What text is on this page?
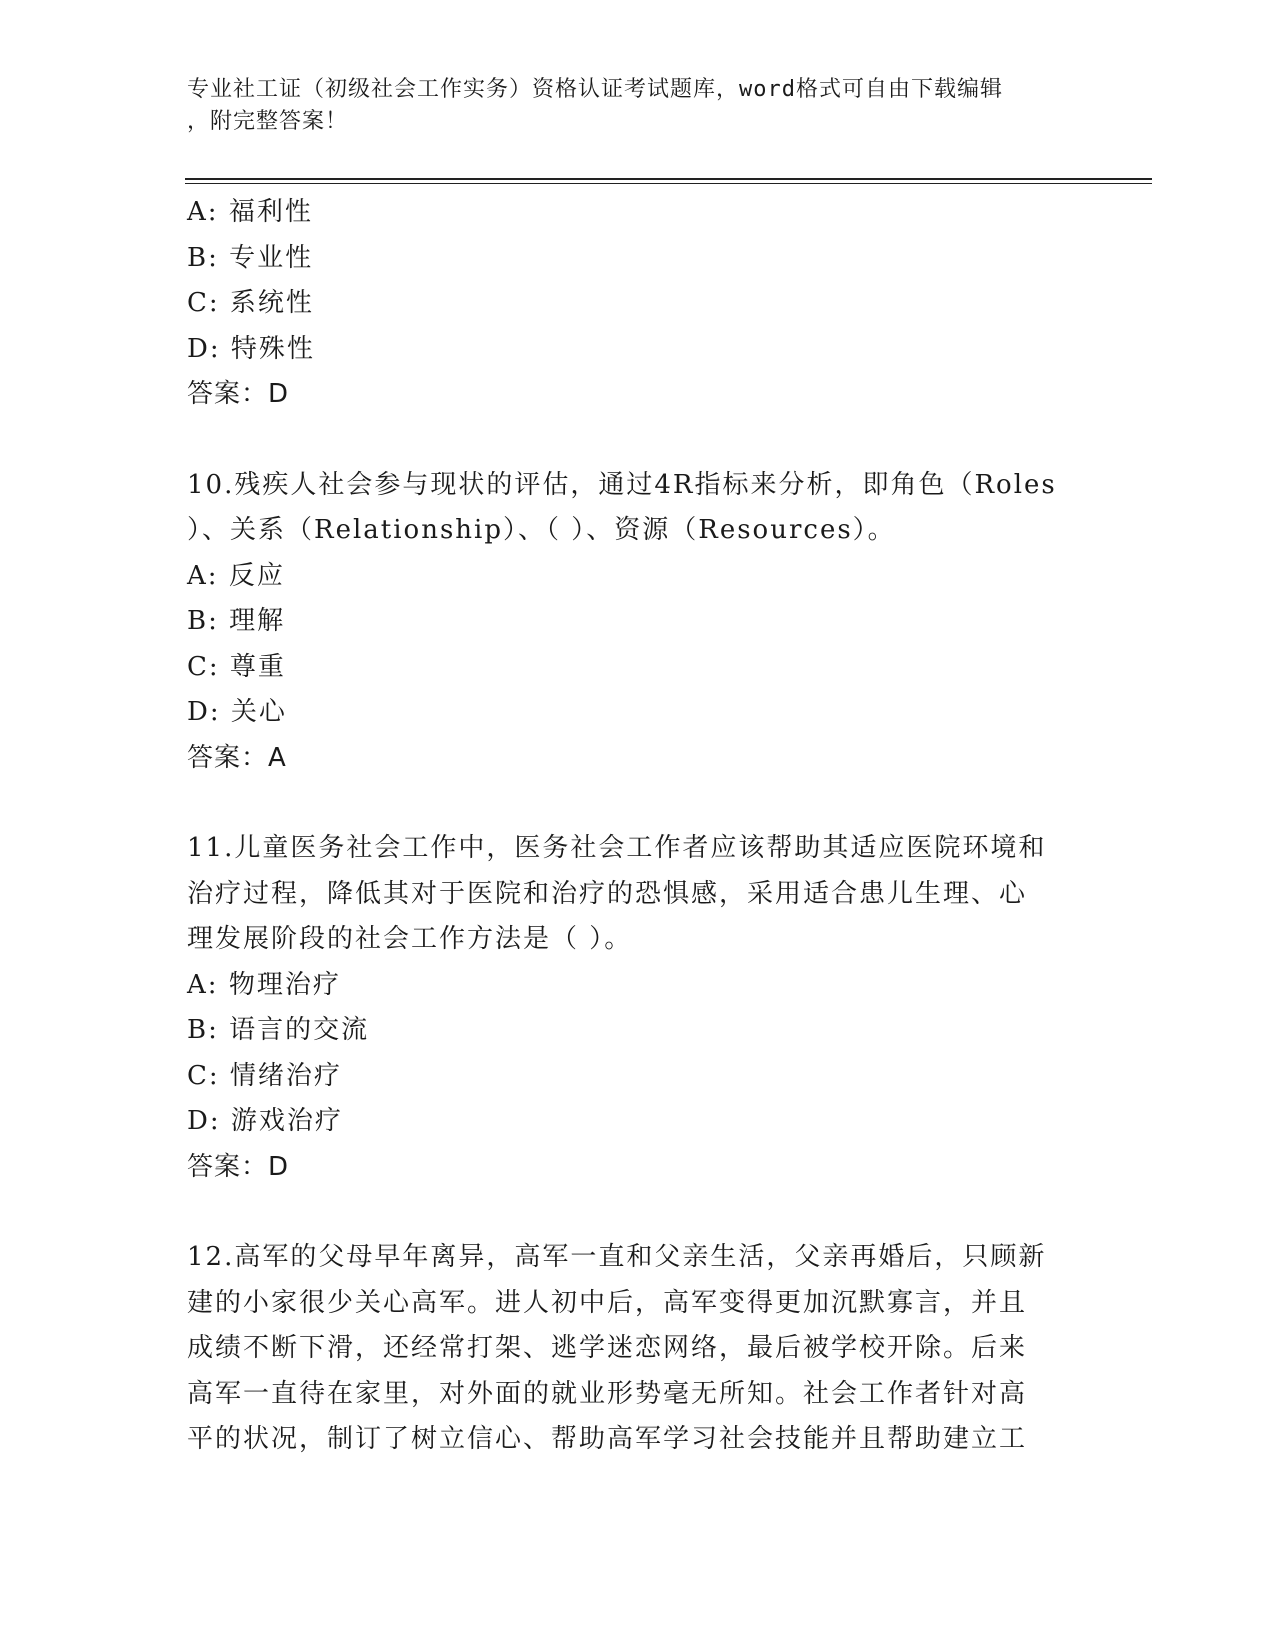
专业社工证（初级社会工作实务）资格认证考试题库，word格式可自由下载编辑
，附完整答案！
A: 福利性
B: 专业性
C: 系统性
D: 特殊性
答案：D
10.残疾人社会参与现状的评估，通过4R指标来分析，即角色（Roles
）、关系（Relationship）、（ ）、资源（Resources）。
A: 反应
B: 理解
C: 尊重
D: 关心
答案：A
11.儿童医务社会工作中，医务社会工作者应该帮助其适应医院环境和
治疗过程，降低其对于医院和治疗的恐惧感，采用适合患儿生理、心
理发展阶段的社会工作方法是（ ）。
A: 物理治疗
B: 语言的交流
C: 情绪治疗
D: 游戏治疗
答案：D
12.高军的父母早年离异，高军一直和父亲生活，父亲再婚后，只顾新
建的小家很少关心高军。进人初中后，高军变得更加沉默寡言，并且
成绩不断下滑，还经常打架、逃学迷恋网络，最后被学校开除。后来
高军一直待在家里，对外面的就业形势毫无所知。社会工作者针对高
平的状况，制订了树立信心、帮助高军学习社会技能并且帮助建立工
